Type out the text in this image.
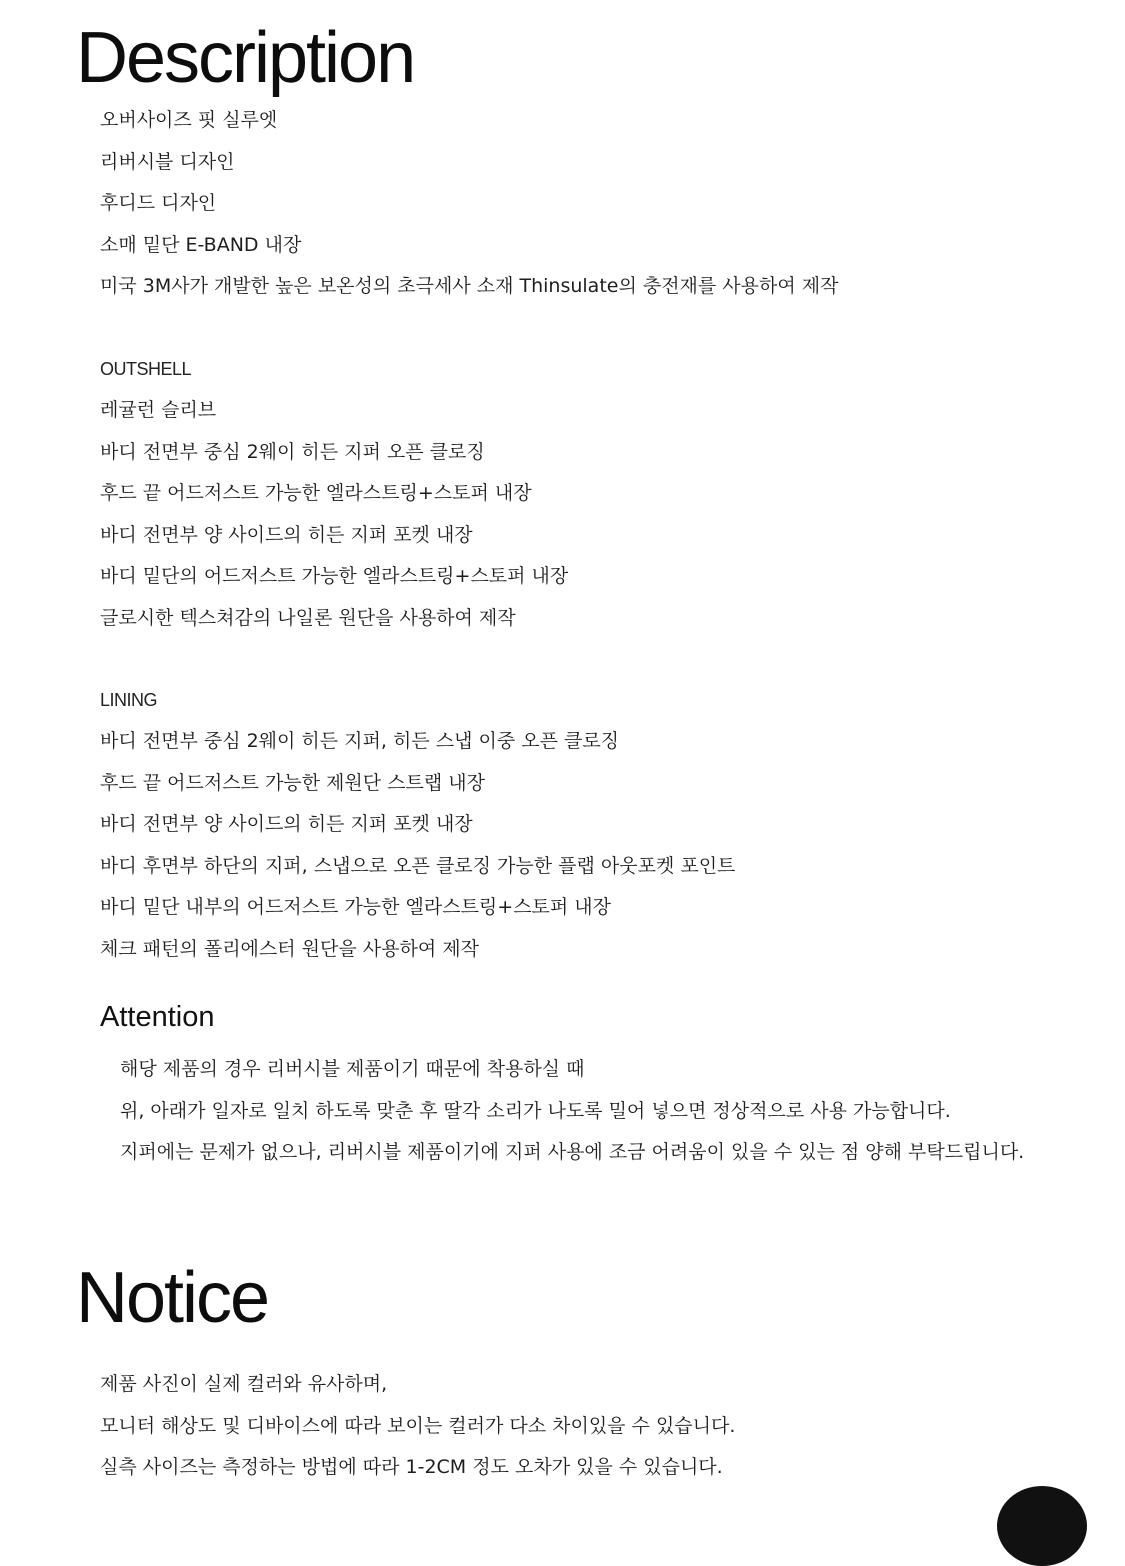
Description
오버사이즈 핏 실루엣
리버시블 디자인
후디드 디자인
소매 밑단 E-BAND 내장
미국 3M사가 개발한 높은 보온성의 초극세사 소재 Thinsulate의 충전재를 사용하여 제작

OUTSHELL

레귤런 슬리브
바디 전면부 중심 2웨이 히든 지퍼 오픈 클로징
후드 끝 어드저스트 가능한 엘라스트링+스토퍼 내장
바디 전면부 양 사이드의 히든 지퍼 포켓 내장
바디 밑단의 어드저스트 가능한 엘라스트링+스토퍼 내장
글로시한 텍스쳐감의 나일론 원단을 사용하여 제작

LINING

바디 전면부 중심 2웨이 히든 지퍼, 히든 스냅 이중 오픈 클로징
후드 끝 어드저스트 가능한 제원단 스트랩 내장
바디 전면부 양 사이드의 히든 지퍼 포켓 내장
바디 후면부 하단의 지퍼, 스냅으로 오픈 클로징 가능한 플랩 아웃포켓 포인트
바디 밑단 내부의 어드저스트 가능한 엘라스트링+스토퍼 내장
체크 패턴의 폴리에스터 원단을 사용하여 제작
Attention
해당 제품의 경우 리버시블 제품이기 때문에 착용하실 때
위, 아래가 일자로 일치 하도록 맞춘 후 딸각 소리가 나도록 밀어 넣으면 정상적으로 사용 가능합니다.
지퍼에는 문제가 없으나, 리버시블 제품이기에 지퍼 사용에 조금 어려움이 있을 수 있는 점 양해 부탁드립니다.
Notice
제품 사진이 실제 컬러와 유사하며,
모니터 해상도 및 디바이스에 따라 보이는 컬러가 다소 차이있을 수 있습니다.
실측 사이즈는 측정하는 방법에 따라 1-2CM 정도 오차가 있을 수 있습니다.
